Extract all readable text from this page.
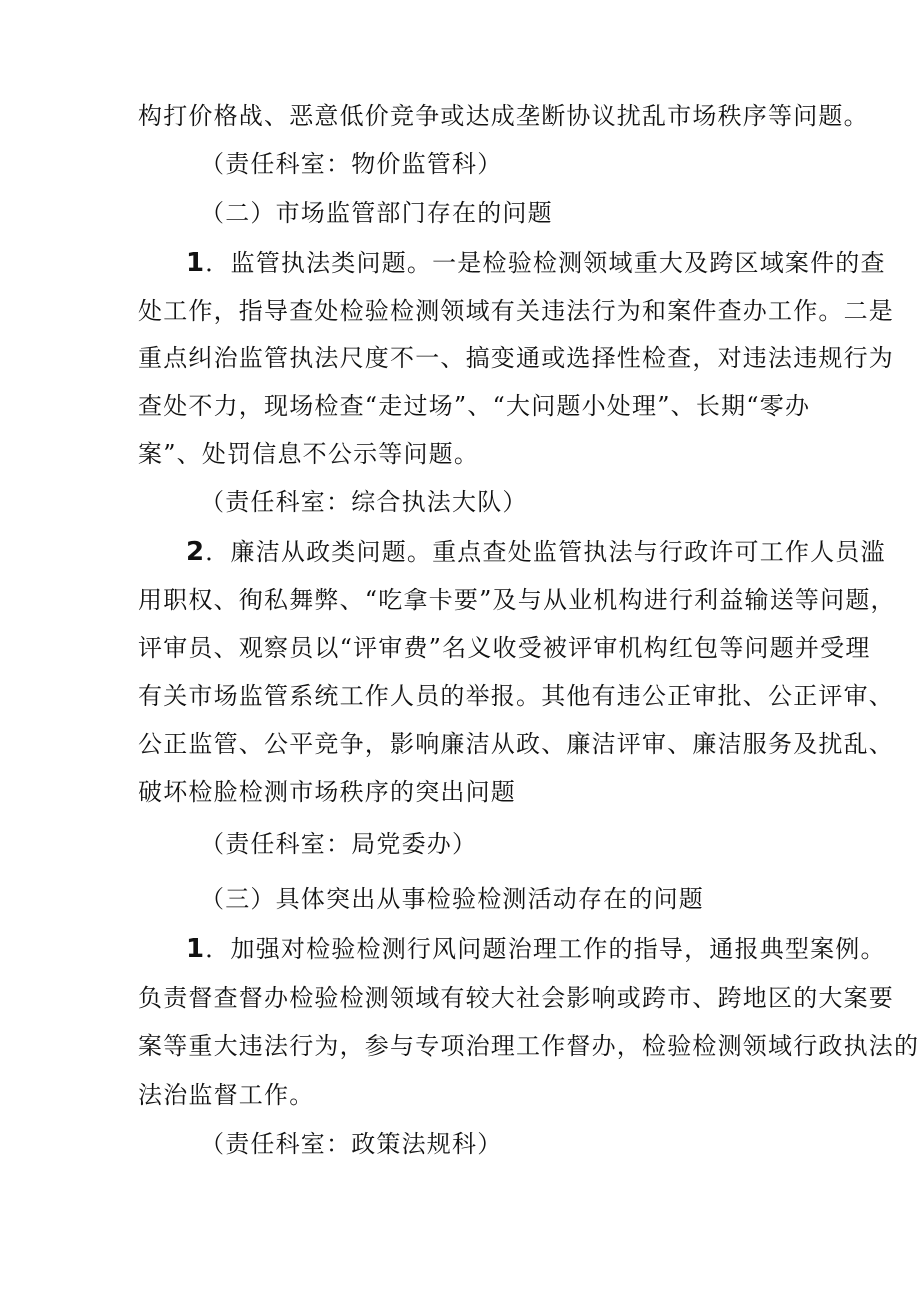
构打价格战、恶意低价竞争或达成垄断协议扰乱市场秩序等问题。
（责任科室：物价监管科）
（二）市场监管部门存在的问题
1．监管执法类问题。一是检验检测领域重大及跨区域案件的查
处工作，指导查处检验检测领域有关违法行为和案件查办工作。二是
重点纠治监管执法尺度不一、搞变通或选择性检查，对违法违规行为
查处不力，现场检查“走过场”、“大问题小处理”、长期“零办
案”、处罚信息不公示等问题。
（责任科室：综合执法大队）
2．廉洁从政类问题。重点查处监管执法与行政许可工作人员滥
用职权、徇私舞弊、“吃拿卡要”及与从业机构进行利益输送等问题，
评审员、观察员以“评审费”名义收受被评审机构红包等问题并受理
有关市场监管系统工作人员的举报。其他有违公正审批、公正评审、
公正监管、公平竞争，影响廉洁从政、廉洁评审、廉洁服务及扰乱、
破坏检脸检测市场秩序的突出问题
（责任科室：局党委办）
（三）具体突出从事检验检测活动存在的问题
1．加强对检验检测行风问题治理工作的指导，通报典型案例。
负责督查督办检验检测领域有较大社会影响或跨市、跨地区的大案要
案等重大违法行为，参与专项治理工作督办，检验检测领域行政执法的
法治监督工作。
（责任科室：政策法规科）
